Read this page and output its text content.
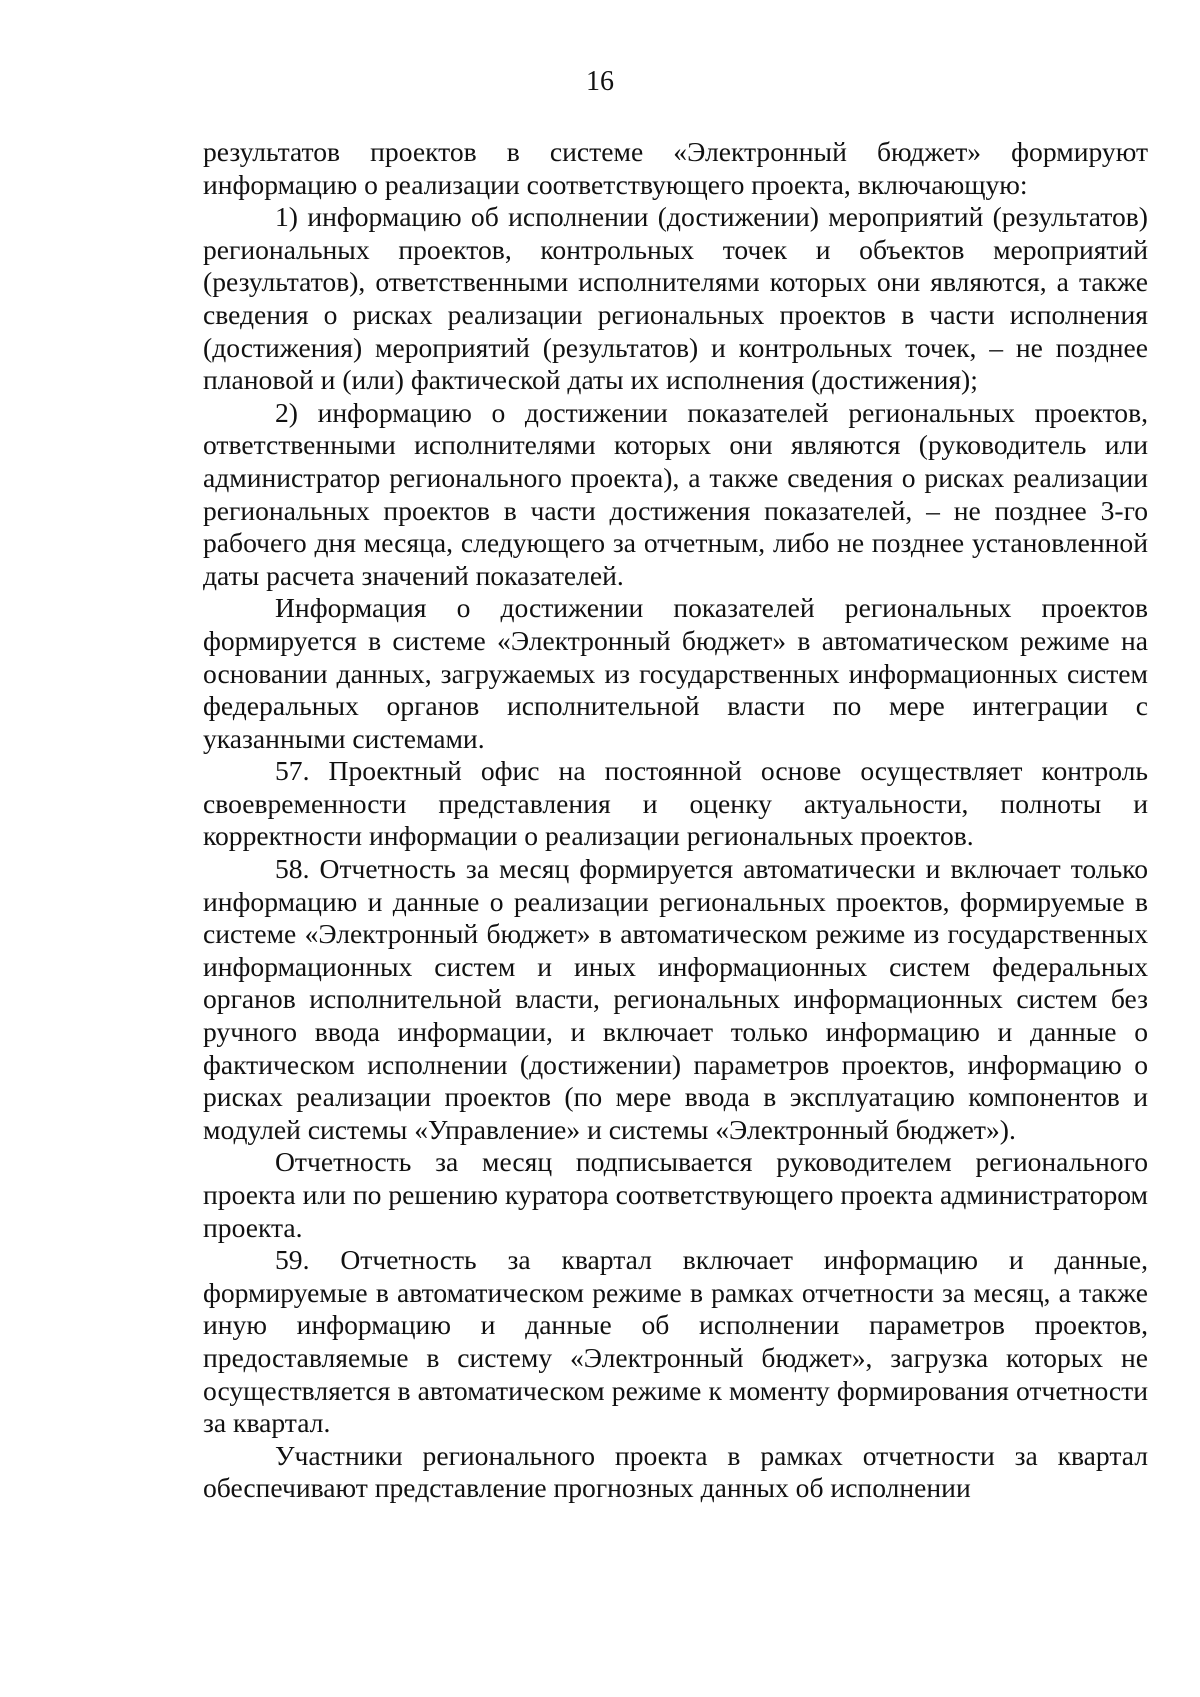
16

результатов проектов в системе «Электронный бюджет» формируют информацию о реализации соответствующего проекта, включающую:

1) информацию об исполнении (достижении) мероприятий (результатов) региональных проектов, контрольных точек и объектов мероприятий (результатов), ответственными исполнителями которых они являются, а также сведения о рисках реализации региональных проектов в части исполнения (достижения) мероприятий (результатов) и контрольных точек, – не позднее плановой и (или) фактической даты их исполнения (достижения);

2) информацию о достижении показателей региональных проектов, ответственными исполнителями которых они являются (руководитель или администратор регионального проекта), а также сведения о рисках реализации региональных проектов в части достижения показателей, – не позднее 3-го рабочего дня месяца, следующего за отчетным, либо не позднее установленной даты расчета значений показателей.

Информация о достижении показателей региональных проектов формируется в системе «Электронный бюджет» в автоматическом режиме на основании данных, загружаемых из государственных информационных систем федеральных органов исполнительной власти по мере интеграции с указанными системами.

57. Проектный офис на постоянной основе осуществляет контроль своевременности представления и оценку актуальности, полноты и корректности информации о реализации региональных проектов.

58. Отчетность за месяц формируется автоматически и включает только информацию и данные о реализации региональных проектов, формируемые в системе «Электронный бюджет» в автоматическом режиме из государственных информационных систем и иных информационных систем федеральных органов исполнительной власти, региональных информационных систем без ручного ввода информации, и включает только информацию и данные о фактическом исполнении (достижении) параметров проектов, информацию о рисках реализации проектов (по мере ввода в эксплуатацию компонентов и модулей системы «Управление» и системы «Электронный бюджет»).

Отчетность за месяц подписывается руководителем регионального проекта или по решению куратора соответствующего проекта администратором проекта.

59. Отчетность за квартал включает информацию и данные, формируемые в автоматическом режиме в рамках отчетности за месяц, а также иную информацию и данные об исполнении параметров проектов, предоставляемые в систему «Электронный бюджет», загрузка которых не осуществляется в автоматическом режиме к моменту формирования отчетности за квартал.

Участники регионального проекта в рамках отчетности за квартал обеспечивают представление прогнозных данных об исполнении
